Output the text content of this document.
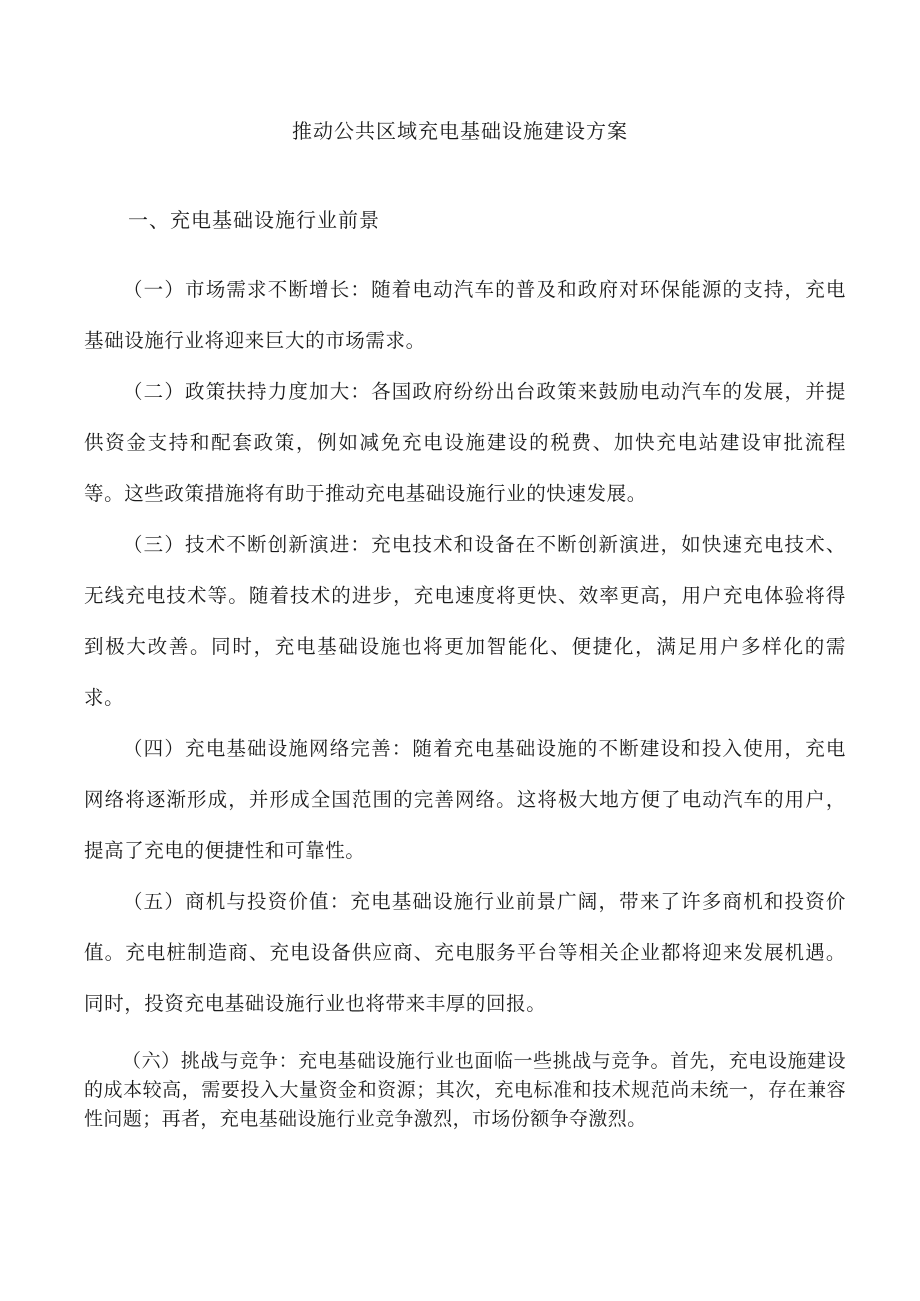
推动公共区域充电基础设施建设方案
一、充电基础设施行业前景

（一）市场需求不断增长：随着电动汽车的普及和政府对环保能源的支持，充电基础设施行业将迎来巨大的市场需求。

（二）政策扶持力度加大：各国政府纷纷出台政策来鼓励电动汽车的发展，并提供资金支持和配套政策，例如减免充电设施建设的税费、加快充电站建设审批流程等。这些政策措施将有助于推动充电基础设施行业的快速发展。

（三）技术不断创新演进：充电技术和设备在不断创新演进，如快速充电技术、无线充电技术等。随着技术的进步，充电速度将更快、效率更高，用户充电体验将得到极大改善。同时，充电基础设施也将更加智能化、便捷化，满足用户多样化的需求。

（四）充电基础设施网络完善：随着充电基础设施的不断建设和投入使用，充电网络将逐渐形成，并形成全国范围的完善网络。这将极大地方便了电动汽车的用户，提高了充电的便捷性和可靠性。

（五）商机与投资价值：充电基础设施行业前景广阔，带来了许多商机和投资价值。充电桩制造商、充电设备供应商、充电服务平台等相关企业都将迎来发展机遇。同时，投资充电基础设施行业也将带来丰厚的回报。

（六）挑战与竞争：充电基础设施行业也面临一些挑战与竞争。首先，充电设施建设的成本较高，需要投入大量资金和资源；其次，充电标准和技术规范尚未统一，存在兼容性问题；再者，充电基础设施行业竞争激烈，市场份额争夺激烈。
